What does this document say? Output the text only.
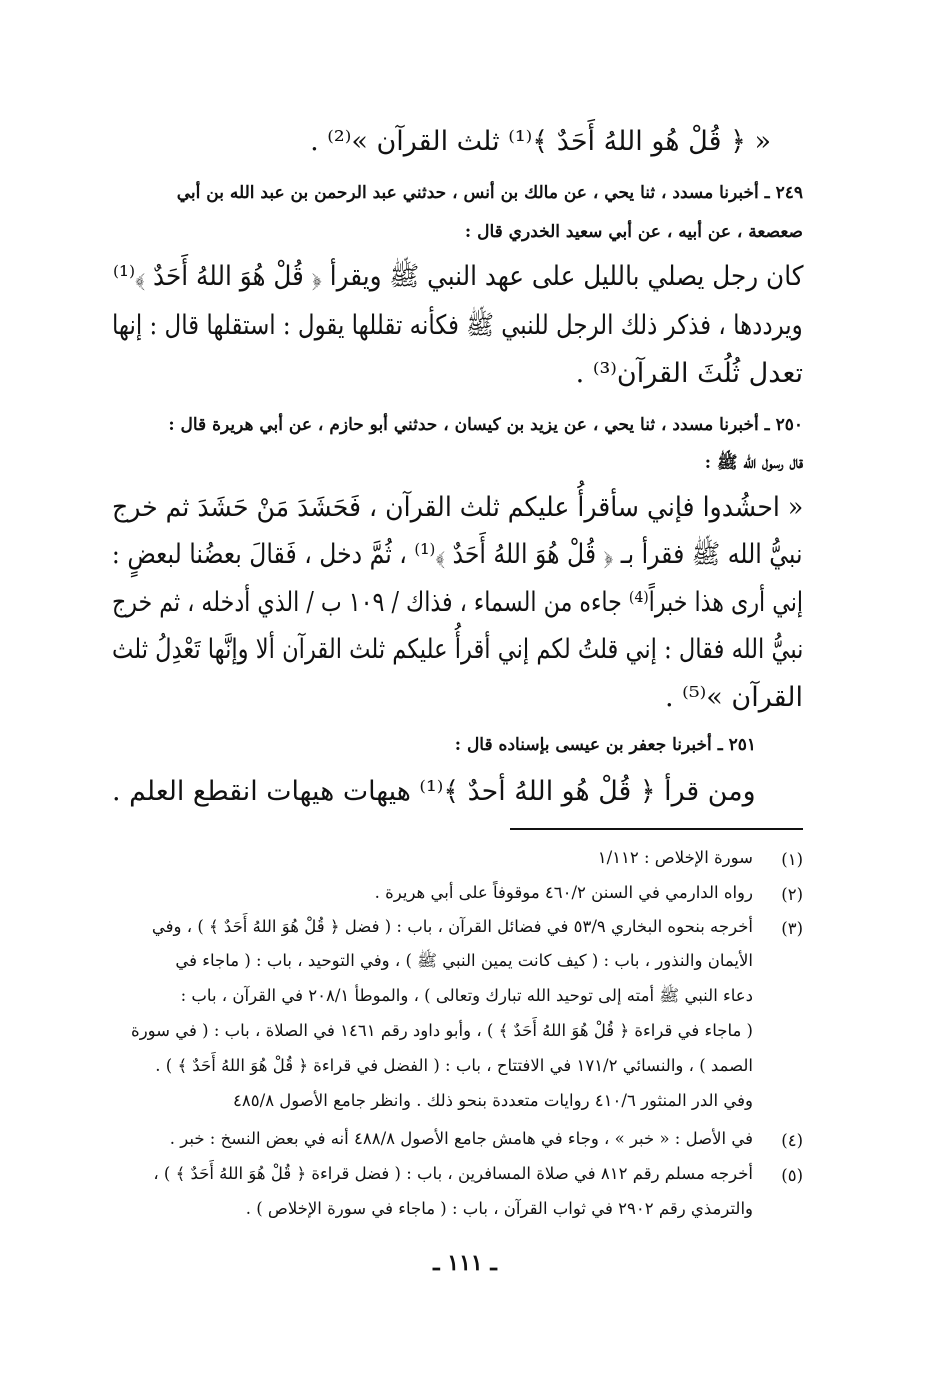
« ﴿ قُلْ هُو اللهُ أَحَدٌ ﴾⁽¹⁾ ثلث القرآن »⁽²⁾ .
٢٤٩ ـ أخبرنا مسدد ، ثنا يحي ، عن مالك بن أنس ، حدثني عبد الرحمن بن عبد الله بن أبي
صعصعة ، عن أبيه ، عن أبي سعيد الخدري قال :
كان رجل يصلي بالليل على عهد النبي ﷺ ويقرأ ﴿ قُلْ هُوَ اللهُ أَحَدٌ ﴾⁽¹⁾
ويرددها ، فذكر ذلك الرجل للنبي ﷺ فكأنه تقللها يقول : استقلها قال : إنها
تعدل ثُلُثَ القرآن⁽³⁾ .
٢٥٠ ـ أخبرنا مسدد ، ثنا يحي ، عن يزيد بن كيسان ، حدثني أبو حازم ، عن أبي هريرة قال :
قال رسول الله ﷺ :
« احشُدوا فإني سأقرأُ عليكم ثلث القرآن ، فَحَشَدَ مَنْ حَشَدَ ثم خرج
نبيُّ الله ﷺ فقرأ بـ ﴿ قُلْ هُوَ اللهُ أَحَدٌ ﴾⁽¹⁾ ، ثُمَّ دخل ، فَقالَ بعضُنا لبعضٍ :
إني أرى هذا خبراً⁽⁴⁾ جاءه من السماء ، فذاك / ١٠٩ ب / الذي أدخله ، ثم خرج
نبيُّ الله فقال : إني قلتُ لكم إني أقرأُ عليكم ثلث القرآن ألا وإنَّها تَعْدِلُ ثلث
القرآن »⁽⁵⁾ .
٢٥١ ـ أخبرنا جعفر بن عيسى بإسناده قال :
ومن قرأ ﴿ قُلْ هُو اللهُ أحدٌ ﴾⁽¹⁾ هيهات هيهات انقطع العلم .
(١)
سورة الإخلاص : ١/١١٢
(٢)
رواه الدارمي في السنن ٤٦٠/٢ موقوفاً على أبي هريرة .
(٣)
أخرجه بنحوه البخاري ٥٣/٩ في فضائل القرآن ، باب : ( فضل ﴿ قُلْ هُوَ اللهُ أَحَدٌ ﴾ ) ، وفي
الأيمان والنذور ، باب : ( كيف كانت يمين النبي ﷺ ) ، وفي التوحيد ، باب : ( ماجاء في
دعاء النبي ﷺ أمته إلى توحيد الله تبارك وتعالى ) ، والموطأ ٢٠٨/١ في القرآن ، باب :
( ماجاء في قراءة ﴿ قُلْ هُوَ اللهُ أَحَدٌ ﴾ ) ، وأبو داود رقم ١٤٦١ في الصلاة ، باب : ( في سورة
الصمد ) ، والنسائي ١٧١/٢ في الافتتاح ، باب : ( الفضل في قراءة ﴿ قُلْ هُوَ اللهُ أَحَدٌ ﴾ ) .
وفي الدر المنثور ٤١٠/٦ روايات متعددة بنحو ذلك . وانظر جامع الأصول ٤٨٥/٨
(٤)
في الأصل : « خبر » ، وجاء في هامش جامع الأصول ٤٨٨/٨ أنه في بعض النسخ : خبر .
(٥)
أخرجه مسلم رقم ٨١٢ في صلاة المسافرين ، باب : ( فضل قراءة ﴿ قُلْ هُوَ اللهُ أَحَدٌ ﴾ ) ،
والترمذي رقم ٢٩٠٢ في ثواب القرآن ، باب : ( ماجاء في سورة الإخلاص ) .
ـ ١١١ ـ
